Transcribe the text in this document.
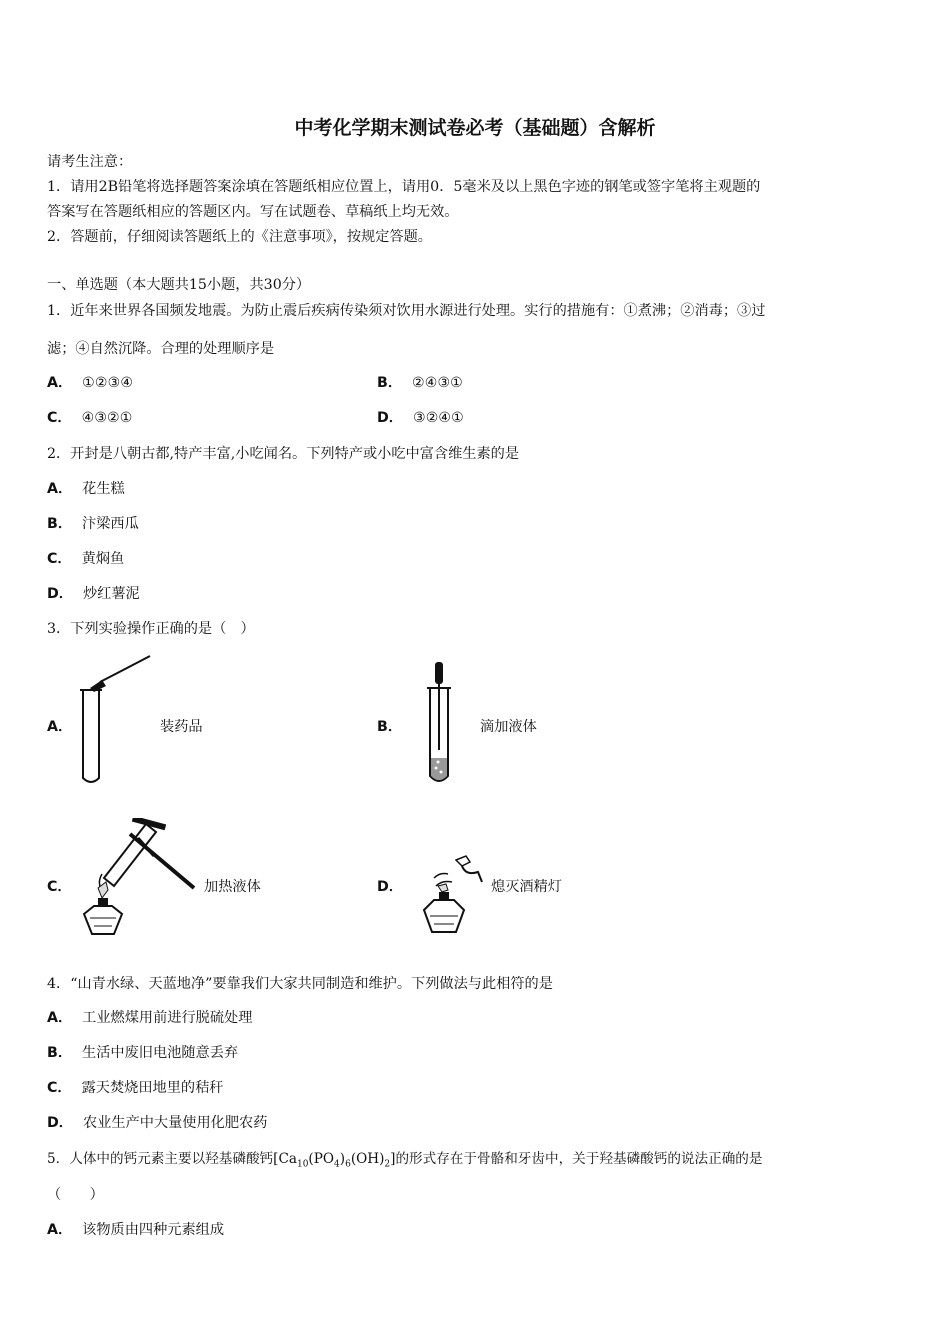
中考化学期末测试卷必考（基础题）含解析
请考生注意：
1．请用2B铅笔将选择题答案涂填在答题纸相应位置上，请用0．5毫米及以上黑色字迹的钢笔或签字笔将主观题的
答案写在答题纸相应的答题区内。写在试题卷、草稿纸上均无效。
2．答题前，仔细阅读答题纸上的《注意事项》，按规定答题。
一、单选题（本大题共15小题，共30分）
1．近年来世界各国频发地震。为防止震后疾病传染须对饮用水源进行处理。实行的措施有：①煮沸；②消毒；③过
滤；④自然沉降。合理的处理顺序是
A． ①②③④	B． ②④③①
C． ④③②①	D． ③②④①
2．开封是八朝古都,特产丰富,小吃闻名。下列特产或小吃中富含维生素的是
A． 花生糕
B． 汴梁西瓜
C． 黄焖鱼
D． 炒红薯泥
3．下列实验操作正确的是（　）
A．	装药品	B．	滴加液体
C．	加热液体	D．	熄灭酒精灯
4．“山青水绿、天蓝地净”要靠我们大家共同制造和维护。下列做法与此相符的是
A． 工业燃煤用前进行脱硫处理
B． 生活中废旧电池随意丢弃
C． 露天焚烧田地里的秸秆
D． 农业生产中大量使用化肥农药
5．人体中的钙元素主要以羟基磷酸钙$[Ca_{10}(PO_4)_6(OH)_2]$的形式存在于骨骼和牙齿中，关于羟基磷酸钙的说法正确的是
（　　）
A． 该物质由四种元素组成
